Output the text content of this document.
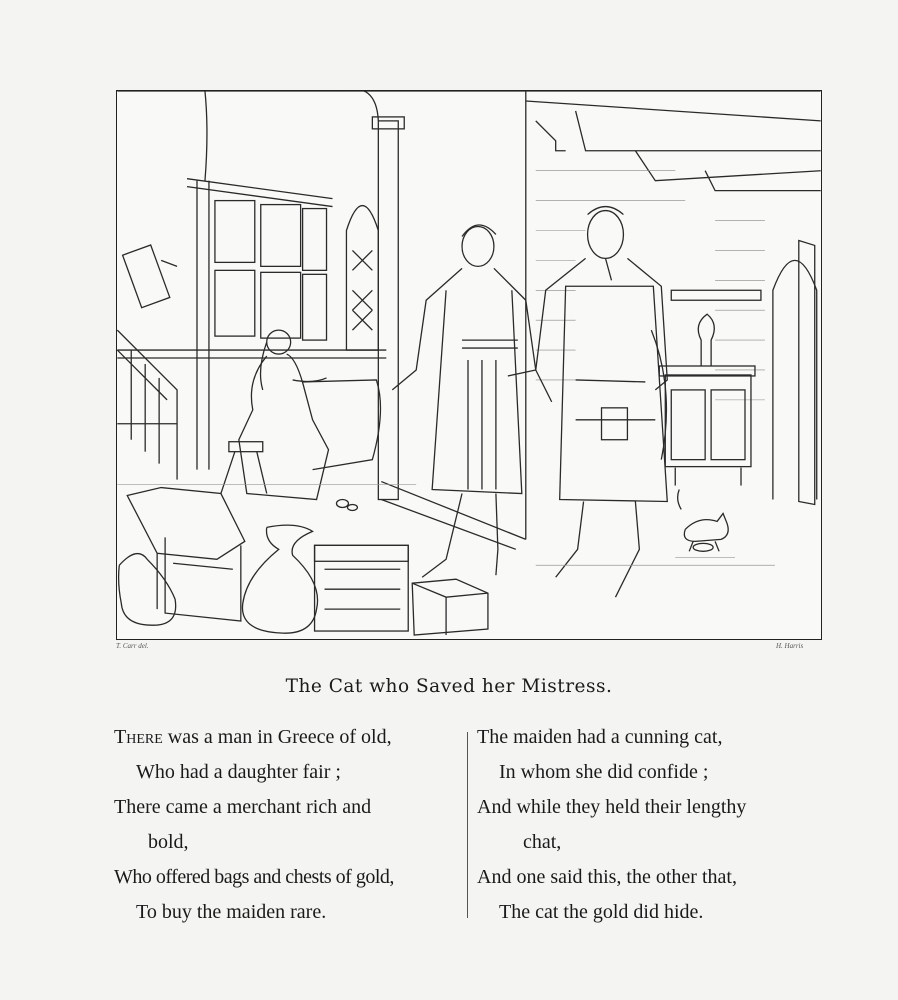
T. Carr del.	H. Harris
The Cat who Saved her Mistress.
There was a man in Greece of old,
Who had a daughter fair ;
There came a merchant rich and
bold,
Who offered bags and chests of gold,
To buy the maiden rare.
The maiden had a cunning cat,
In whom she did confide ;
And while they held their lengthy
chat,
And one said this, the other that,
The cat the gold did hide.
